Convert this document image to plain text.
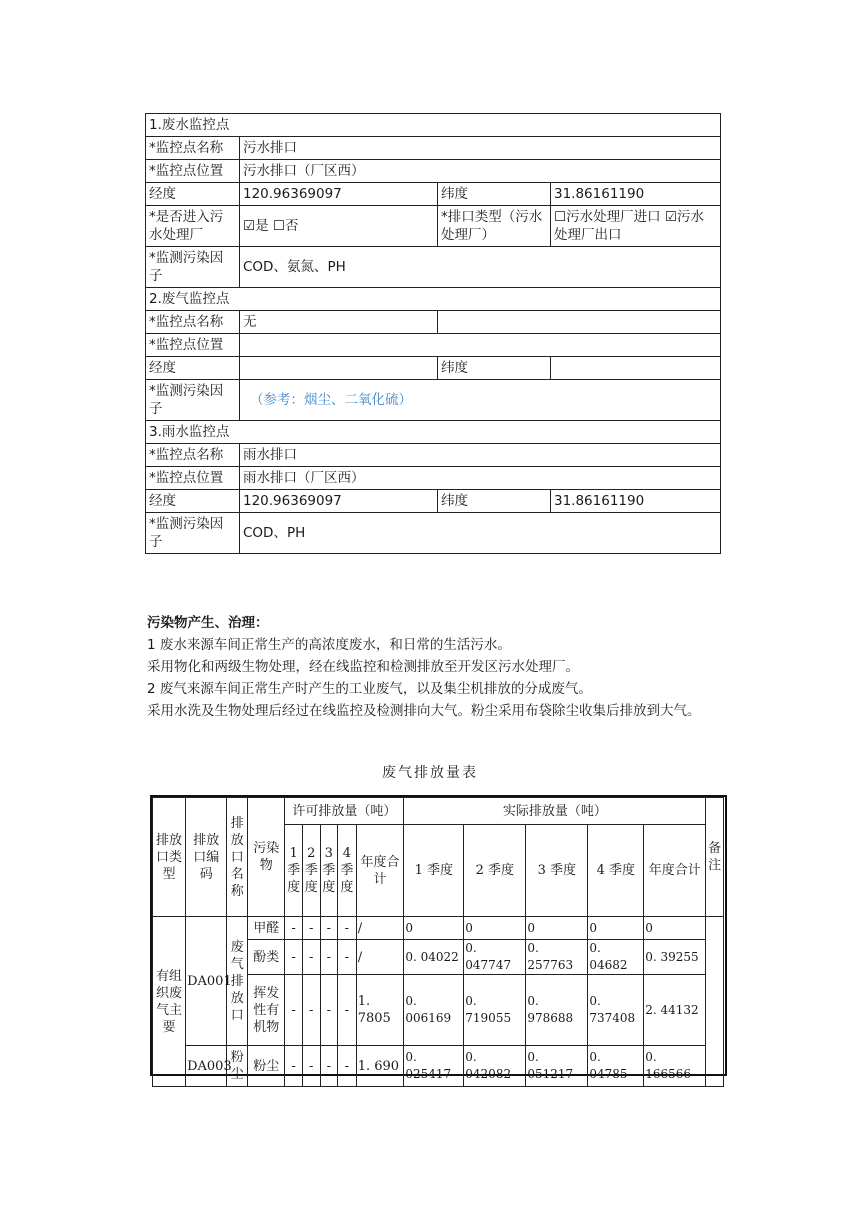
1.废水监控点			
*监控点名称	污水排口		
*监控点位置	污水排口（厂区西）		
经度	120.96369097	纬度	31.86161190
*是否进入污水处理厂	☑是 ☐否	*排口类型（污水处理厂）	☐污水处理厂进口 ☑污水处理厂出口
*监测污染因子	COD、氨氮、PH		
2.废气监控点			
*监控点名称	无		
*监控点位置			
经度		纬度	
*监测污染因子	（参考：烟尘、二氧化硫）		
3.雨水监控点			
*监控点名称	雨水排口		
*监控点位置	雨水排口（厂区西）		
经度	120.96369097	纬度	31.86161190
*监测污染因子	COD、PH		

污染物产生、治理：

1 废水来源车间正常生产的高浓度废水，和日常的生活污水。

采用物化和两级生物处理，经在线监控和检测排放至开发区污水处理厂。

2 废气来源车间正常生产时产生的工业废气，以及集尘机排放的分成废气。

采用水洗及生物处理后经过在线监控及检测排向大气。粉尘采用布袋除尘收集后排放到大气。

废气排放量表
排放口类型	排放口编码	排放口名称	污染物	许可排放量（吨）					实际排放量（吨）					备注
				1季度	2季度	3季度	4季度	年度合计	1 季度	2 季度	3 季度	4 季度	年度合计	
有组织废气主要	DA001	废气排放口	甲醛	-	-	-	-	/	0	0	0	0	0	
			酚类	-	-	-	-	/	0. 04022	0. 047747	0. 257763	0. 04682	0. 39255	
			挥发性有机物	-	-	-	-	1. 7805	0. 006169	0. 719055	0. 978688	0. 737408	2. 44132	
	DA003	粉尘	粉尘	-	-	-	-	1. 690	0. 025417	0. 042082	0. 051217	0. 04785	0. 166566	
